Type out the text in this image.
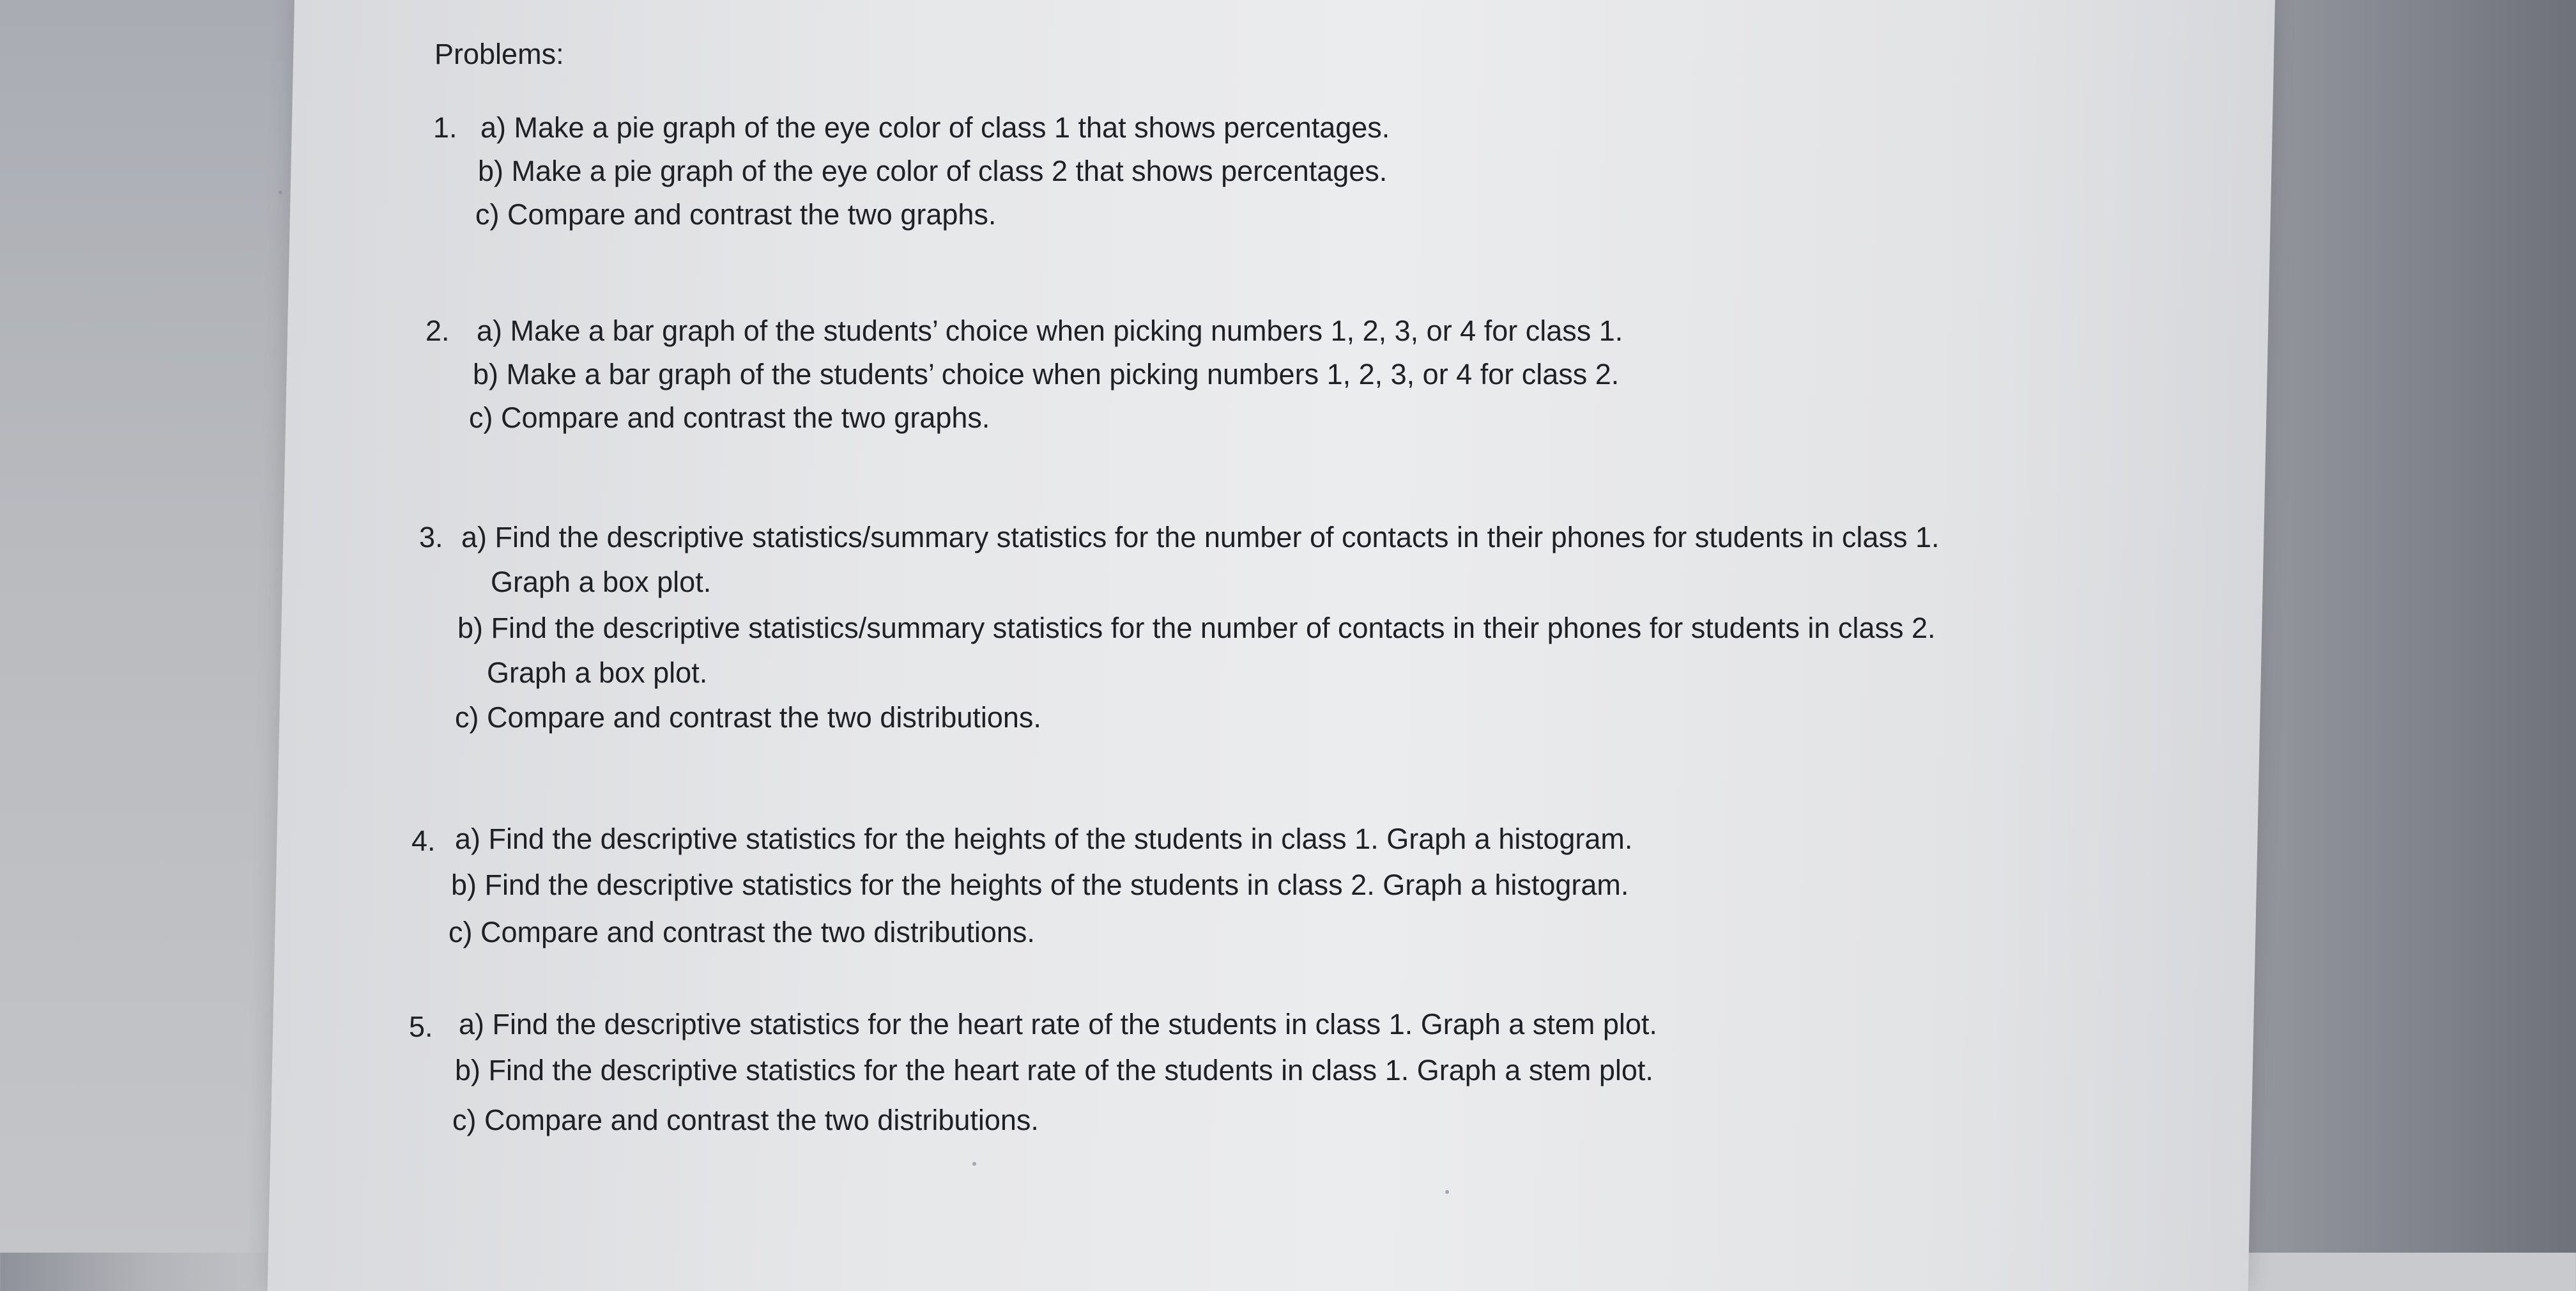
Problems:
1. a) Make a pie graph of the eye color of class 1 that shows percentages.
b) Make a pie graph of the eye color of class 2 that shows percentages.
c) Compare and contrast the two graphs.
2. a) Make a bar graph of the students’ choice when picking numbers 1, 2, 3, or 4 for class 1.
b) Make a bar graph of the students’ choice when picking numbers 1, 2, 3, or 4 for class 2.
c) Compare and contrast the two graphs.
3. a) Find the descriptive statistics/summary statistics for the number of contacts in their phones for students in class 1.
Graph a box plot.
b) Find the descriptive statistics/summary statistics for the number of contacts in their phones for students in class 2.
Graph a box plot.
c) Compare and contrast the two distributions.
4. a) Find the descriptive statistics for the heights of the students in class 1. Graph a histogram.
b) Find the descriptive statistics for the heights of the students in class 2. Graph a histogram.
c) Compare and contrast the two distributions.
5. a) Find the descriptive statistics for the heart rate of the students in class 1. Graph a stem plot.
b) Find the descriptive statistics for the heart rate of the students in class 1. Graph a stem plot.
c) Compare and contrast the two distributions.
